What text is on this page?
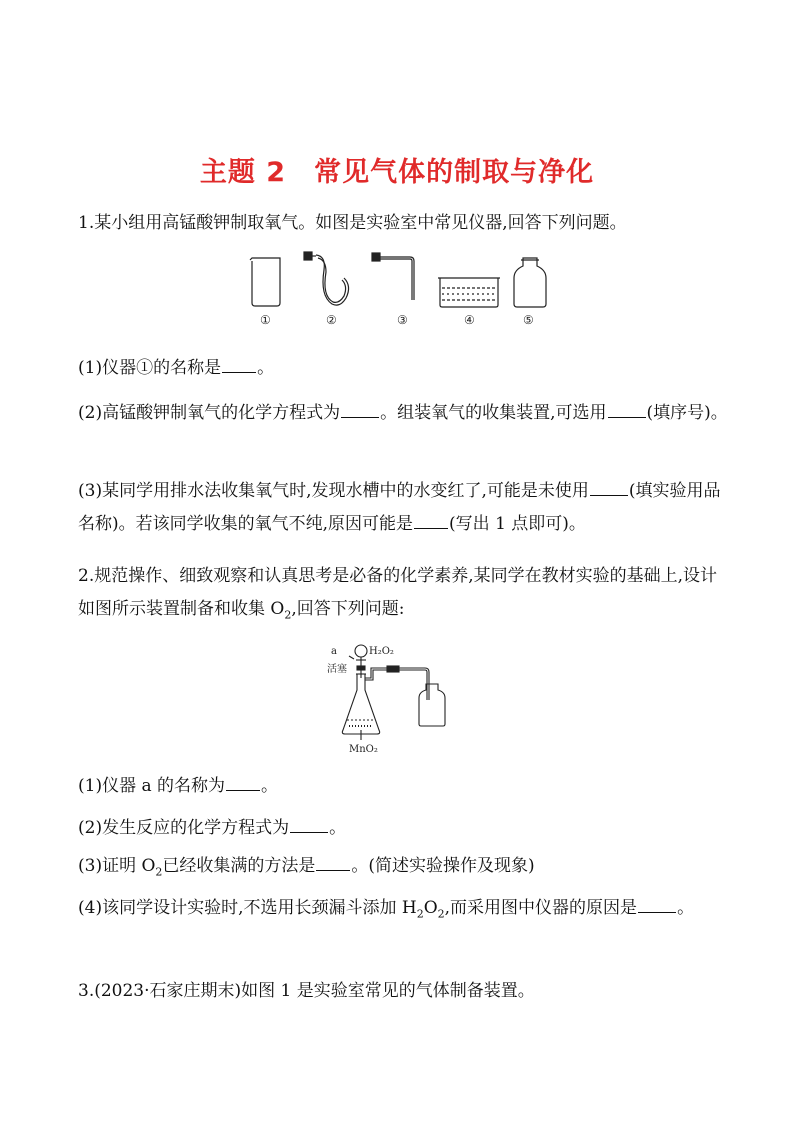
主题 2　常见气体的制取与净化
1.某小组用高锰酸钾制取氧气。如图是实验室中常见仪器,回答下列问题。
①	②	③	④	⑤
(1)仪器①的名称是 。
(2)高锰酸钾制氧气的化学方程式为 。组装氧气的收集装置,可选用 (填序号)。
(3)某同学用排水法收集氧气时,发现水槽中的水变红了,可能是未使用 (填实验用品名称)。若该同学收集的氧气不纯,原因可能是 (写出 1 点即可)。
2.规范操作、细致观察和认真思考是必备的化学素养,某同学在教材实验的基础上,设计如图所示装置制备和收集 $O_2$,回答下列问题:
a
活塞
H₂O₂
MnO₂
(1)仪器 a 的名称为 。
(2)发生反应的化学方程式为 。
(3)证明 $O_2$已经收集满的方法是 。(简述实验操作及现象)
(4)该同学设计实验时,不选用长颈漏斗添加 $H_2O_2$,而采用图中仪器的原因是 。
3.(2023·石家庄期末)如图 1 是实验室常见的气体制备装置。
